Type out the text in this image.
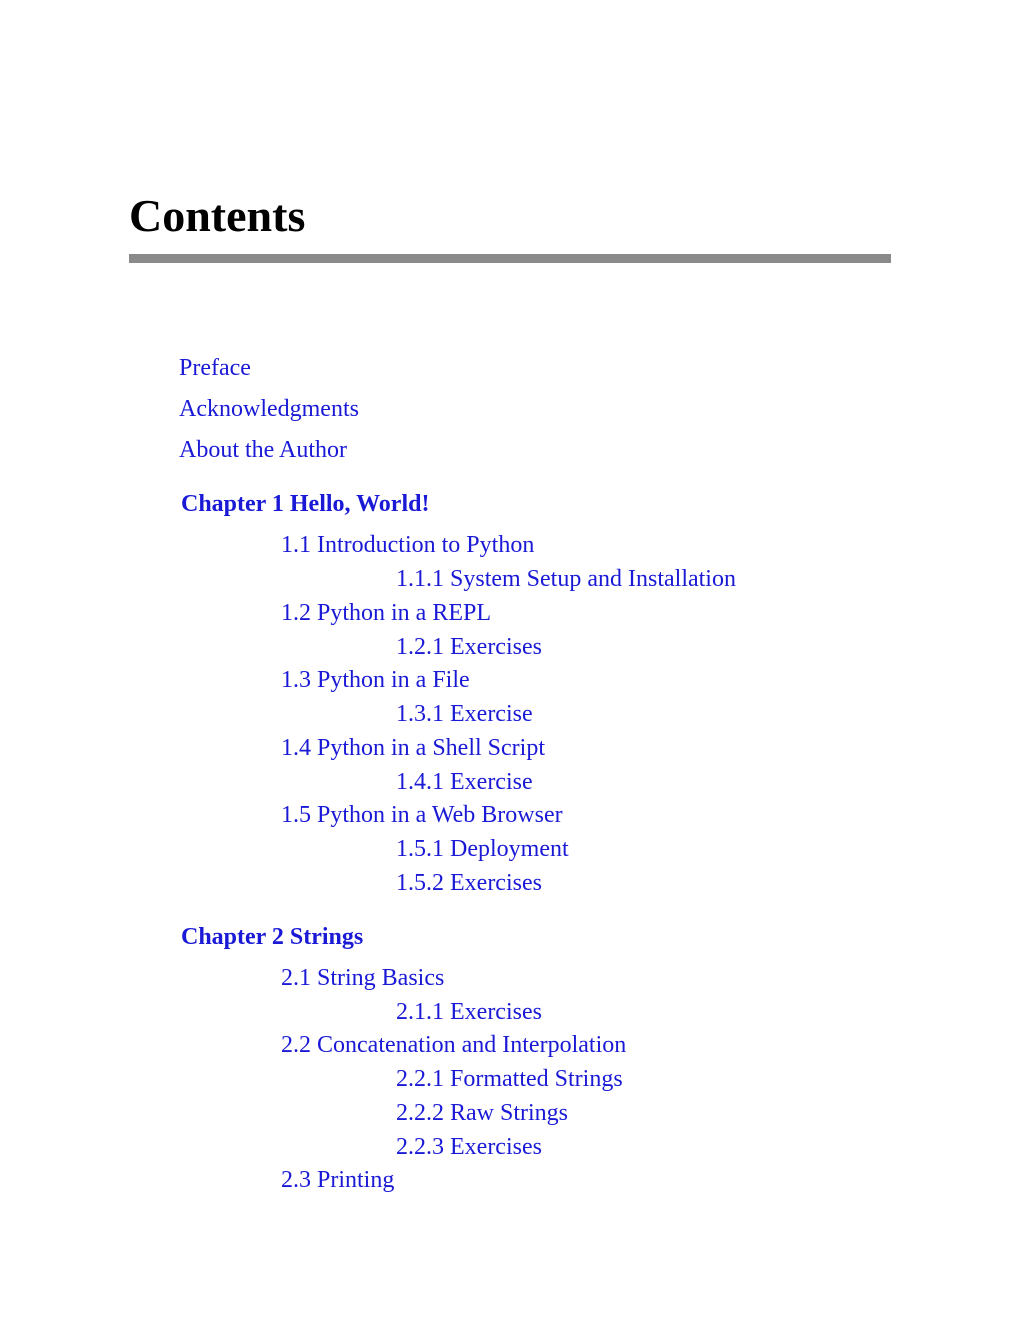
Contents
Preface
Acknowledgments
About the Author
Chapter 1 Hello, World!
1.1 Introduction to Python
1.1.1 System Setup and Installation
1.2 Python in a REPL
1.2.1 Exercises
1.3 Python in a File
1.3.1 Exercise
1.4 Python in a Shell Script
1.4.1 Exercise
1.5 Python in a Web Browser
1.5.1 Deployment
1.5.2 Exercises
Chapter 2 Strings
2.1 String Basics
2.1.1 Exercises
2.2 Concatenation and Interpolation
2.2.1 Formatted Strings
2.2.2 Raw Strings
2.2.3 Exercises
2.3 Printing
